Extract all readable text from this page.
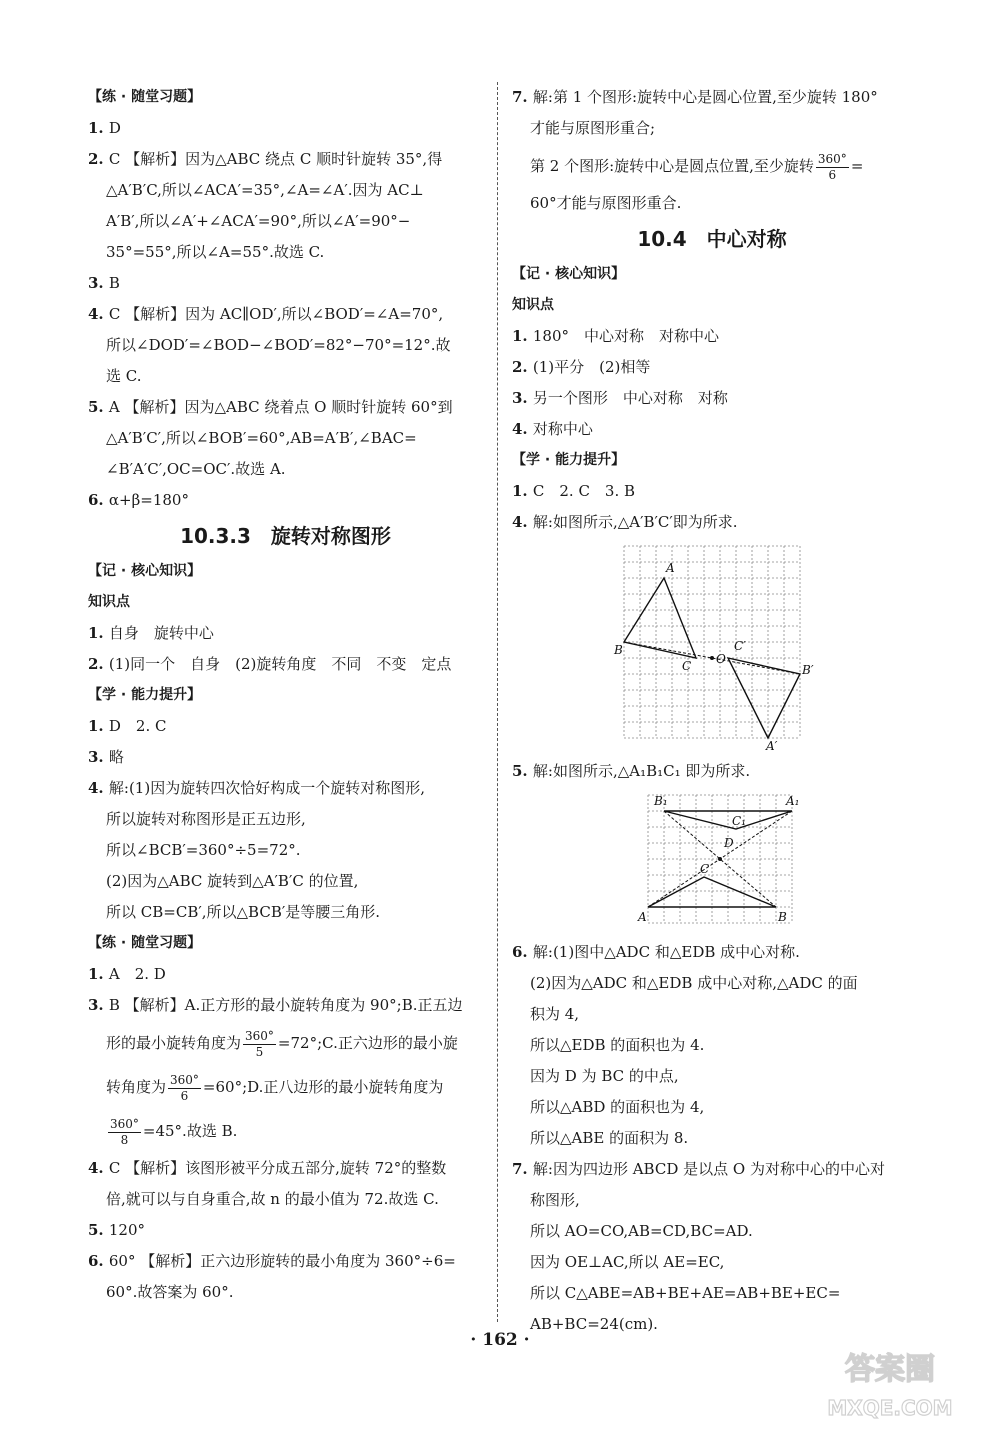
【练 · 随堂习题】
1. D
2. C 【解析】因为△ABC 绕点 C 顺时针旋转 35°,得
△A′B′C,所以∠ACA′=35°,∠A=∠A′.因为 AC⊥
A′B′,所以∠A′+∠ACA′=90°,所以∠A′=90°−
35°=55°,所以∠A=55°.故选 C.
3. B
4. C 【解析】因为 AC∥OD′,所以∠BOD′=∠A=70°,
所以∠DOD′=∠BOD−∠BOD′=82°−70°=12°.故
选 C.
5. A 【解析】因为△ABC 绕着点 O 顺时针旋转 60°到
△A′B′C′,所以∠BOB′=60°,AB=A′B′,∠BAC=
∠B′A′C′,OC=OC′.故选 A.
6. α+β=180°
10.3.3　旋转对称图形
【记 · 核心知识】
知识点
1. 自身　旋转中心
2. (1)同一个　自身　(2)旋转角度　不同　不变　定点
【学 · 能力提升】
1. D　2. C
3. 略
4. 解:(1)因为旋转四次恰好构成一个旋转对称图形,
所以旋转对称图形是正五边形,
所以∠BCB′=360°÷5=72°.
(2)因为△ABC 旋转到△A′B′C 的位置,
所以 CB=CB′,所以△BCB′是等腰三角形.
【练 · 随堂习题】
1. A　2. D
3. B 【解析】A.正方形的最小旋转角度为 90°;B.正五边
形的最小旋转角度为 $\frac{360^\circ}{5}$ =72°;C.正六边形的最小旋
转角度为 $\frac{360^\circ}{6}$ =60°;D.正八边形的最小旋转角度为
$\frac{360^\circ}{8} =45^\circ$.故选 B.
4. C 【解析】该图形被平分成五部分,旋转 72°的整数
倍,就可以与自身重合,故 n 的最小值为 72.故选 C.
5. 120°
6. 60° 【解析】正六边形旋转的最小角度为 360°÷6=
60°.故答案为 60°.
7. 解:第 1 个图形:旋转中心是圆心位置,至少旋转 180°
才能与原图形重合;
第 2 个图形:旋转中心是圆点位置,至少旋转 $\frac{360^\circ}{6}$ =
60°才能与原图形重合.
10.4　中心对称
【记 · 核心知识】
知识点
1. 180°　中心对称　对称中心
2. (1)平分　(2)相等
3. 另一个图形　中心对称　对称
4. 对称中心
【学 · 能力提升】
1. C　2. C　3. B
4. 解:如图所示,△A′B′C′即为所求.
A
B
C O
A′
B′
C′
5. 解:如图所示,△A₁B₁C₁ 即为所求.
B₁	A₁
C₁
D
C
A	B
6. 解:(1)图中△ADC 和△EDB 成中心对称.
(2)因为△ADC 和△EDB 成中心对称,△ADC 的面
积为 4,
所以△EDB 的面积也为 4.
因为 D 为 BC 的中点,
所以△ABD 的面积也为 4,
所以△ABE 的面积为 8.
7. 解:因为四边形 ABCD 是以点 O 为对称中心的中心对
称图形,
所以 AO=CO,AB=CD,BC=AD.
因为 OE⊥AC,所以 AE=EC,
所以 C△ABE=AB+BE+AE=AB+BE+EC=
AB+BC=24(cm).
· 162 ·
答案圈
MXQE.COM
